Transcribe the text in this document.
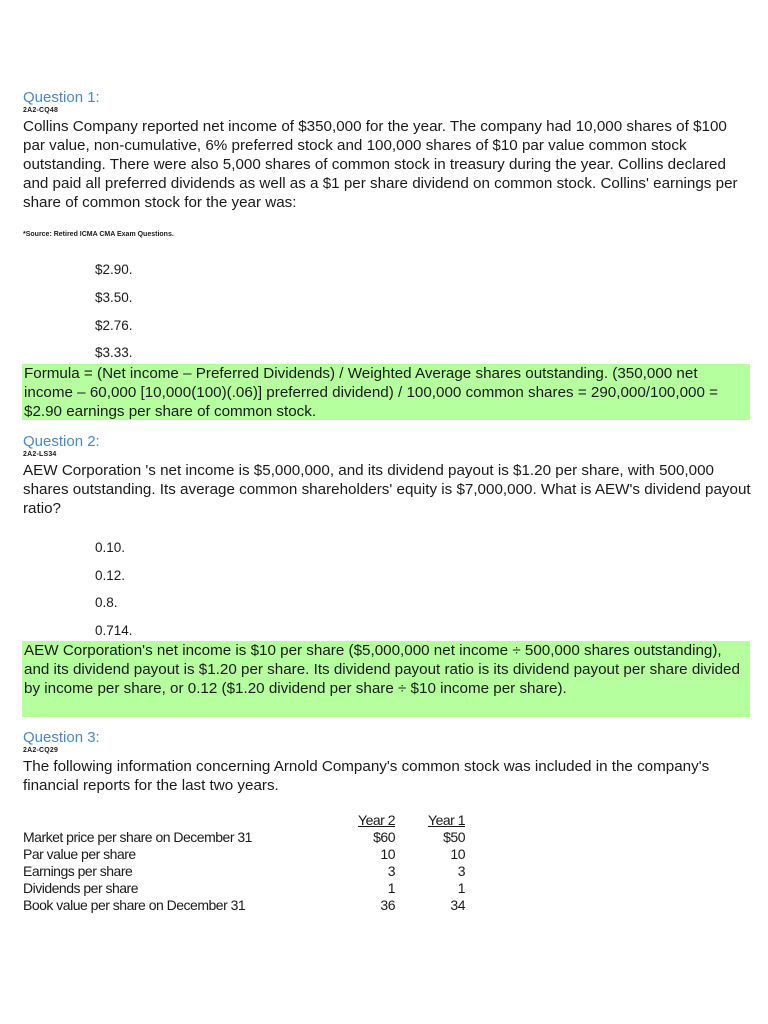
Question 1:
2A2-CQ48
Collins Company reported net income of $350,000 for the year. The company had 10,000 shares of $100 par value, non-cumulative, 6% preferred stock and 100,000 shares of $10 par value common stock outstanding. There were also 5,000 shares of common stock in treasury during the year. Collins declared and paid all preferred dividends as well as a $1 per share dividend on common stock. Collins' earnings per share of common stock for the year was:
*Source: Retired ICMA CMA Exam Questions.
$2.90.
$3.50.
$2.76.
$3.33.
Formula = (Net income – Preferred Dividends) / Weighted Average shares outstanding. (350,000 net income – 60,000 [10,000(100)(.06)] preferred dividend) / 100,000 common shares = 290,000/100,000 = $2.90 earnings per share of common stock.
Question 2:
2A2-LS34
AEW Corporation 's net income is $5,000,000, and its dividend payout is $1.20 per share, with 500,000 shares outstanding. Its average common shareholders' equity is $7,000,000. What is AEW's dividend payout ratio?
0.10.
0.12.
0.8.
0.714.
AEW Corporation's net income is $10 per share ($5,000,000 net income ÷ 500,000 shares outstanding), and its dividend payout is $1.20 per share. Its dividend payout ratio is its dividend payout per share divided by income per share, or 0.12 ($1.20 dividend per share ÷ $10 income per share).
Question 3:
2A2-CQ29
The following information concerning Arnold Company's common stock was included in the company's financial reports for the last two years.
	Year 2	Year 1
Market price per share on December 31	$60	$50
Par value per share	10	10
Earnings per share	3	3
Dividends per share	1	1
Book value per share on December 31	36	34
